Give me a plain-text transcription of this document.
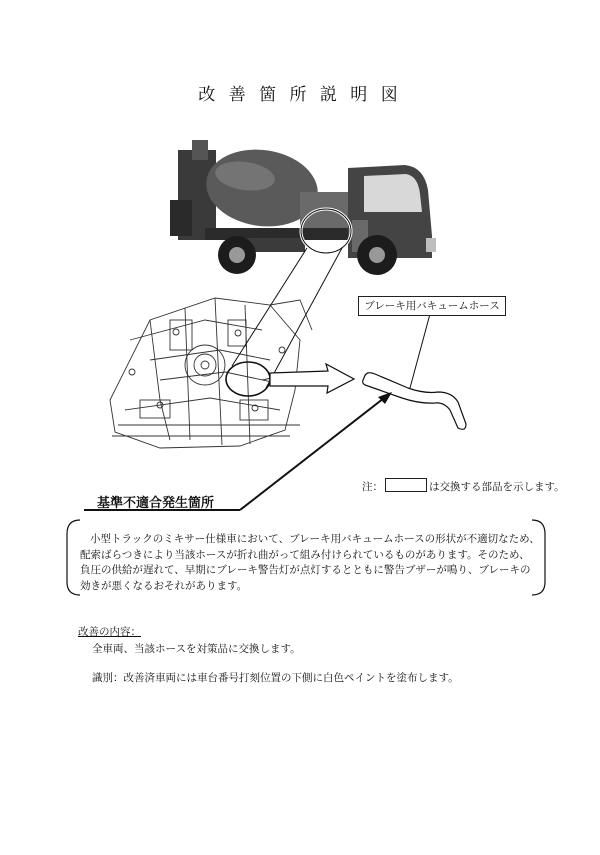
改 善 箇 所 説 明 図
ブレーキ用バキュームホース
注：	は交換する部品を示します。
基準不適合発生箇所
小型トラックのミキサー仕様車において、ブレーキ用バキュームホースの形状が不適切なため、配索ばらつきにより当該ホースが折れ曲がって組み付けられているものがあります。そのため、負圧の供給が遅れて、早期にブレーキ警告灯が点灯するとともに警告ブザーが鳴り、ブレーキの効きが悪くなるおそれがあります。
改善の内容：
全車両、当該ホースを対策品に交換します。
識別：改善済車両には車台番号打刻位置の下側に白色ペイントを塗布します。
